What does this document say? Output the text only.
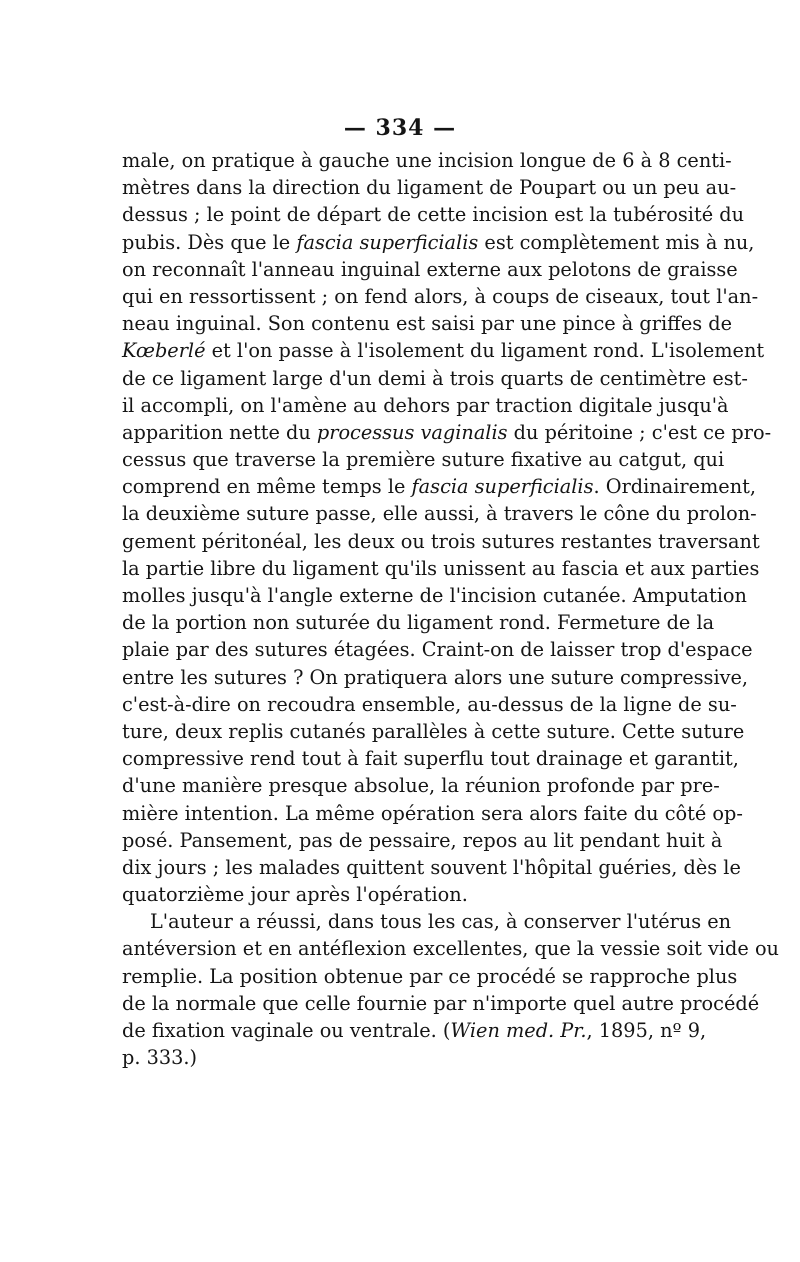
— 334 —
male, on pratique à gauche une incision longue de 6 à 8 centi-
mètres dans la direction du ligament de Poupart ou un peu au-
dessus ; le point de départ de cette incision est la tubérosité du
pubis. Dès que le fascia superficialis est complètement mis à nu,
on reconnaît l'anneau inguinal externe aux pelotons de graisse
qui en ressortissent ; on fend alors, à coups de ciseaux, tout l'an-
neau inguinal. Son contenu est saisi par une pince à griffes de
Kœberlé et l'on passe à l'isolement du ligament rond. L'isolement
de ce ligament large d'un demi à trois quarts de centimètre est-
il accompli, on l'amène au dehors par traction digitale jusqu'à
apparition nette du processus vaginalis du péritoine ; c'est ce pro-
cessus que traverse la première suture fixative au catgut, qui
comprend en même temps le fascia superficialis. Ordinairement,
la deuxième suture passe, elle aussi, à travers le cône du prolon-
gement péritonéal, les deux ou trois sutures restantes traversant
la partie libre du ligament qu'ils unissent au fascia et aux parties
molles jusqu'à l'angle externe de l'incision cutanée. Amputation
de la portion non suturée du ligament rond. Fermeture de la
plaie par des sutures étagées. Craint-on de laisser trop d'espace
entre les sutures ? On pratiquera alors une suture compressive,
c'est-à-dire on recoudra ensemble, au-dessus de la ligne de su-
ture, deux replis cutanés parallèles à cette suture. Cette suture
compressive rend tout à fait superflu tout drainage et garantit,
d'une manière presque absolue, la réunion profonde par pre-
mière intention. La même opération sera alors faite du côté op-
posé. Pansement, pas de pessaire, repos au lit pendant huit à
dix jours ; les malades quittent souvent l'hôpital guéries, dès le
quatorzième jour après l'opération.
L'auteur a réussi, dans tous les cas, à conserver l'utérus en
antéversion et en antéflexion excellentes, que la vessie soit vide ou
remplie. La position obtenue par ce procédé se rapproche plus
de la normale que celle fournie par n'importe quel autre procédé
de fixation vaginale ou ventrale. (Wien med. Pr., 1895, nº 9,
p. 333.)
